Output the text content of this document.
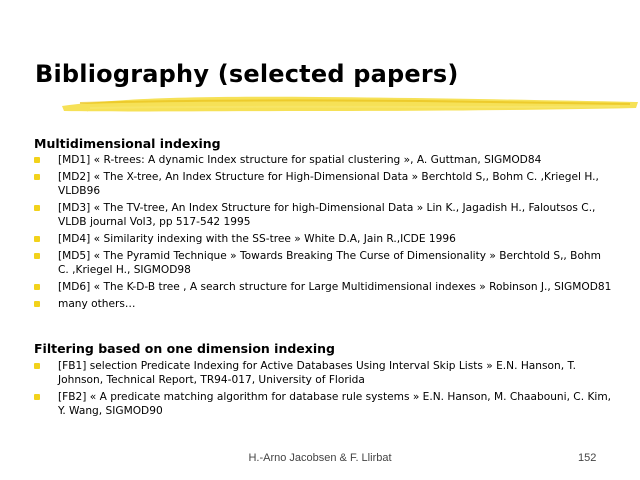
Bibliography (selected papers)
Multidimensional indexing
[MD1] « R-trees: A dynamic Index structure for spatial clustering », A. Guttman, SIGMOD84
[MD2] « The X-tree, An Index Structure for High-Dimensional Data » Berchtold S,, Bohm C. ,Kriegel H., VLDB96
[MD3] « The TV-tree, An Index Structure for high-Dimensional Data » Lin K., Jagadish H., Faloutsos C., VLDB journal Vol3, pp 517-542 1995
[MD4] « Similarity indexing with the SS-tree » White D.A, Jain R.,ICDE 1996
[MD5] « The Pyramid Technique » Towards Breaking The Curse of Dimensionality » Berchtold S,, Bohm C. ,Kriegel H., SIGMOD98
[MD6] « The K-D-B tree , A search structure for Large Multidimensional indexes » Robinson J., SIGMOD81
many others…
Filtering based on one dimension indexing
[FB1] selection Predicate Indexing for Active Databases Using Interval Skip Lists » E.N. Hanson, T. Johnson, Technical Report, TR94-017, University of Florida
[FB2] « A predicate matching algorithm for database rule systems » E.N. Hanson, M. Chaabouni, C. Kim, Y. Wang, SIGMOD90
H.-Arno Jacobsen & F. Llirbat	152
